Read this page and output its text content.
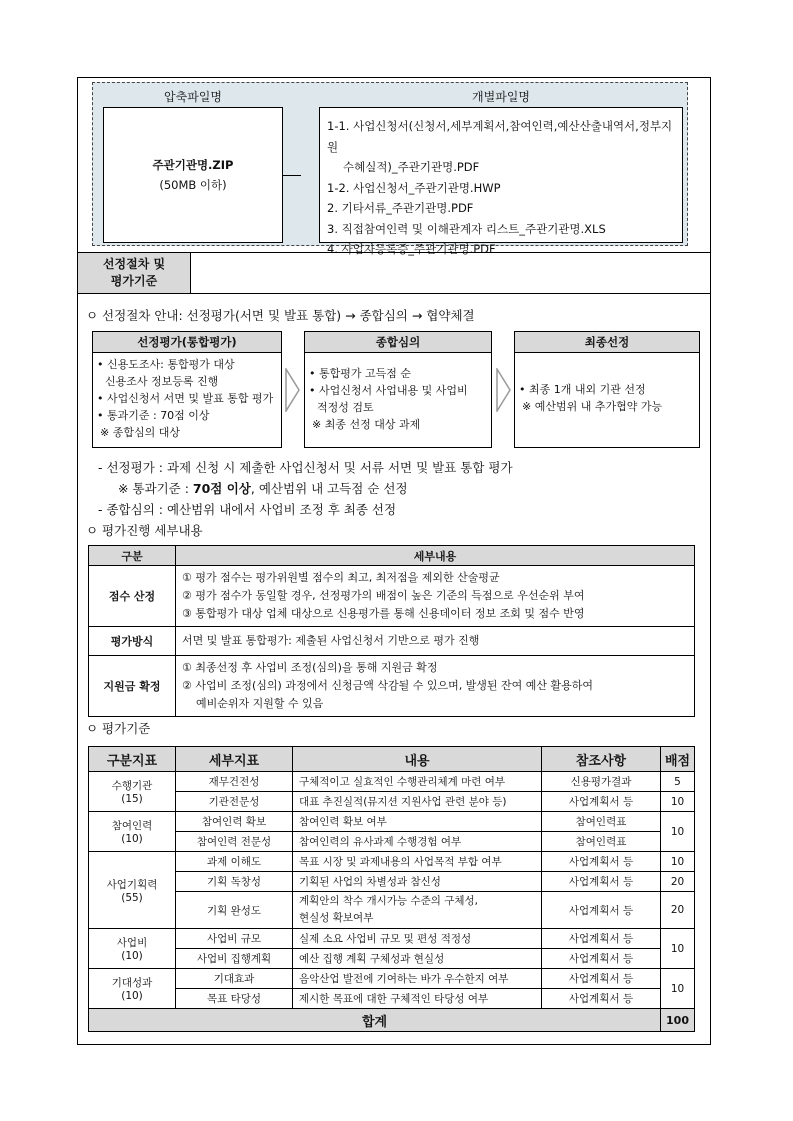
압축파일명	개별파일명
주관기관명.ZIP
(50MB 이하)
1-1. 사업신청서(신청서,세부계획서,참여인력,예산산출내역서,정부지원
수혜실적)_주관기관명.PDF
1-2. 사업신청서_주관기관명.HWP
2. 기타서류_주관기관명.PDF
3. 직접참여인력 및 이해관계자 리스트_주관기관명.XLS
4. 사업자등록증_주관기관명.PDF
선정절차 및
평가기준
ㅇ 선정절차 안내: 선정평가(서면 및 발표 통합) → 종합심의 → 협약체결
선정평가(통합평가)
• 신용도조사: 통합평가 대상
신용조사 정보등록 진행
• 사업신청서 서면 및 발표 통합 평가
• 통과기준 : 70점 이상
※ 종합심의 대상
종합심의
• 통합평가 고득점 순
• 사업신청서 사업내용 및 사업비
적정성 검토
※ 최종 선정 대상 과제
최종선정
• 최종 1개 내외 기관 선정
※ 예산범위 내 추가협약 가능
- 선정평가 : 과제 신청 시 제출한 사업신청서 및 서류 서면 및 발표 통합 평가
※ 통과기준 : 70점 이상, 예산범위 내 고득점 순 선정
- 종합심의 : 예산범위 내에서 사업비 조정 후 최종 선정
ㅇ 평가진행 세부내용
구분	세부내용
점수 산정	① 평가 점수는 평가위원별 점수의 최고, 최저점을 제외한 산술평균
② 평가 점수가 동일할 경우, 선정평가의 배점이 높은 기준의 득점으로 우선순위 부여
③ 통합평가 대상 업체 대상으로 신용평가를 통해 신용데이터 정보 조회 및 점수 반영

평가방식	서면 및 발표 통합평가: 제출된 사업신청서 기반으로 평가 진행

지원금 확정	① 최종선정 후 사업비 조정(심의)을 통해 지원금 확정
② 사업비 조정(심의) 과정에서 신청금액 삭감될 수 있으며, 발생된 잔여 예산 활용하여
예비순위자 지원할 수 있음
ㅇ 평가기준
구분지표	세부지표	내용	참조사항	배점

수행기관
(15)	재무건전성	구체적이고 실효적인 수행관리체계 마련 여부	신용평가결과	5
	기관전문성	대표 추진실적(뮤지션 지원사업 관련 분야 등)	사업계획서 등	10

참여인력
(10)	참여인력 확보	참여인력 확보 여부	참여인력표	10
	참여인력 전문성	참여인력의 유사과제 수행경험 여부	참여인력표	

사업기획력
(55)	과제 이해도	목표 시장 및 과제내용의 사업목적 부합 여부	사업계획서 등	10
	기획 독창성	기획된 사업의 차별성과 참신성	사업계획서 등	20
	기획 완성도	계획안의 착수 개시가능 수준의 구체성,
현실성 확보여부	사업계획서 등	20

사업비
(10)	사업비 규모	실제 소요 사업비 규모 및 편성 적정성	사업계획서 등	10
	사업비 집행계획	예산 집행 계획 구체성과 현실성	사업계획서 등	

기대성과
(10)	기대효과	음악산업 발전에 기여하는 바가 우수한지 여부	사업계획서 등	10
	목표 타당성	제시한 목표에 대한 구체적인 타당성 여부	사업계획서 등	
합계				100
